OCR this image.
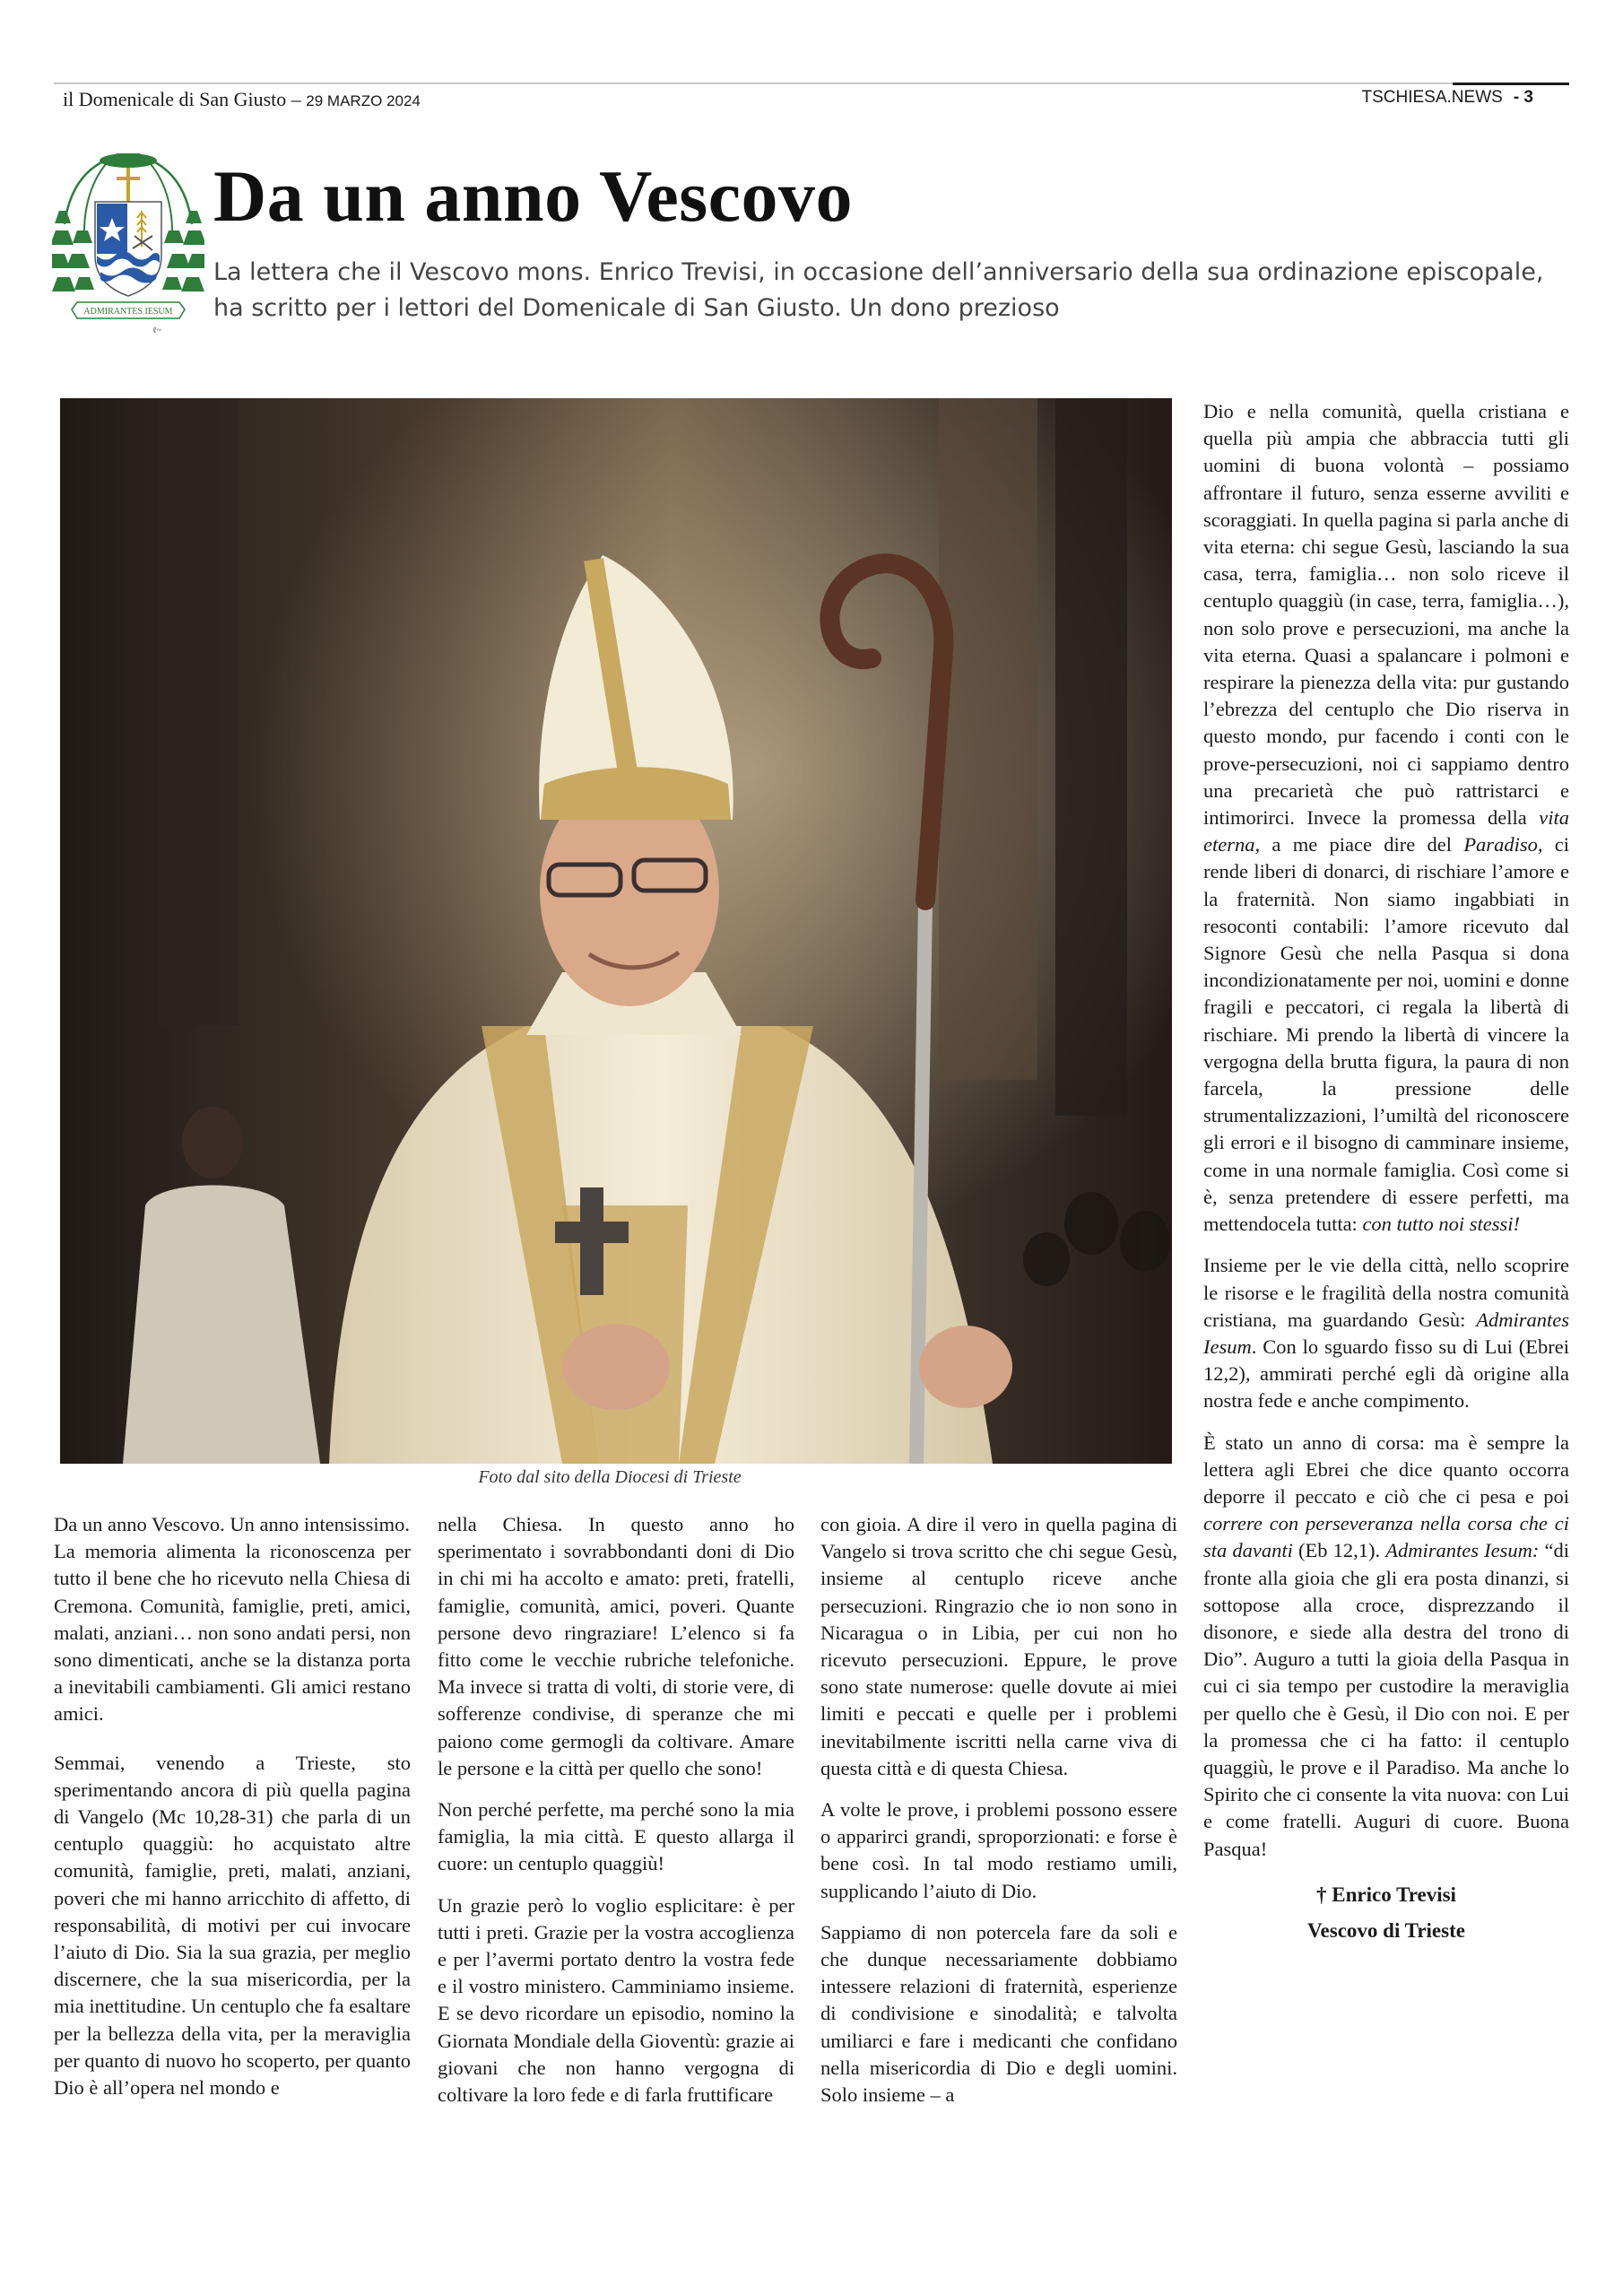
il Domenicale di San Giusto – 29 MARZO 2024	TSCHIESA.NEWS - 3
ADMIRANTES IESUM
ℓ~
Da un anno Vescovo

La lettera che il Vescovo mons. Enrico Trevisi, in occasione dell’anniversario della sua ordinazione episcopale, ha scritto per i lettori del Domenicale di San Giusto. Un dono prezioso

Foto dal sito della Diocesi di Trieste

Da un anno Vescovo. Un anno intensissimo.
La memoria alimenta la riconoscenza per tutto il bene che ho ricevuto nella Chiesa di Cremona. Comunità, famiglie, preti, amici, malati, anziani… non sono andati persi, non sono dimenticati, anche se la distanza porta a inevitabili cambiamenti. Gli amici restano amici.

Semmai, venendo a Trieste, sto sperimentando ancora di più quella pagina di Vangelo (Mc 10,28-31) che parla di un centuplo quaggiù: ho acquistato altre comunità, famiglie, preti, malati, anziani, poveri che mi hanno arricchito di affetto, di responsabilità, di motivi per cui invocare l’aiuto di Dio. Sia la sua grazia, per meglio discernere, che la sua misericordia, per la mia inettitudine. Un centuplo che fa esaltare per la bellezza della vita, per la meraviglia per quanto di nuovo ho scoperto, per quanto Dio è all’opera nel mondo e

nella Chiesa. In questo anno ho sperimentato i sovrabbondanti doni di Dio in chi mi ha accolto e amato: preti, fratelli, famiglie, comunità, amici, poveri. Quante persone devo ringraziare! L’elenco si fa fitto come le vecchie rubriche telefoniche. Ma invece si tratta di volti, di storie vere, di sofferenze condivise, di speranze che mi paiono come germogli da coltivare. Amare le persone e la città per quello che sono!

Non perché perfette, ma perché sono la mia famiglia, la mia città. E questo allarga il cuore: un centuplo quaggiù!

Un grazie però lo voglio esplicitare: è per tutti i preti. Grazie per la vostra accoglienza e per l’avermi portato dentro la vostra fede e il vostro ministero. Camminiamo insieme. E se devo ricordare un episodio, nomino la Giornata Mondiale della Gioventù: grazie ai giovani che non hanno vergogna di coltivare la loro fede e di farla fruttificare

con gioia. A dire il vero in quella pagina di Vangelo si trova scritto che chi segue Gesù, insieme al centuplo riceve anche persecuzioni. Ringrazio che io non sono in Nicaragua o in Libia, per cui non ho ricevuto persecuzioni. Eppure, le prove sono state numerose: quelle dovute ai miei limiti e peccati e quelle per i problemi inevitabilmente iscritti nella carne viva di questa città e di questa Chiesa.

A volte le prove, i problemi possono essere o apparirci grandi, sproporzionati: e forse è bene così. In tal modo restiamo umili, supplicando l’aiuto di Dio.

Sappiamo di non potercela fare da soli e che dunque necessariamente dobbiamo intessere relazioni di fraternità, esperienze di condivisione e sinodalità; e talvolta umiliarci e fare i medicanti che confidano nella misericordia di Dio e degli uomini. Solo insieme – a

Dio e nella comunità, quella cristiana e quella più ampia che abbraccia tutti gli uomini di buona volontà – possiamo affrontare il futuro, senza esserne avviliti e scoraggiati. In quella pagina si parla anche di vita eterna: chi segue Gesù, lasciando la sua casa, terra, famiglia… non solo riceve il centuplo quaggiù (in case, terra, famiglia…), non solo prove e persecuzioni, ma anche la vita eterna. Quasi a spalancare i polmoni e respirare la pienezza della vita: pur gustando l’ebrezza del centuplo che Dio riserva in questo mondo, pur facendo i conti con le prove-persecuzioni, noi ci sappiamo dentro una precarietà che può rattristarci e intimorirci. Invece la promessa della vita eterna, a me piace dire del Paradiso, ci rende liberi di donarci, di rischiare l’amore e la fraternità. Non siamo ingabbiati in resoconti contabili: l’amore ricevuto dal Signore Gesù che nella Pasqua si dona incondizionatamente per noi, uomini e donne fragili e peccatori, ci regala la libertà di rischiare. Mi prendo la libertà di vincere la vergogna della brutta figura, la paura di non farcela, la pressione delle strumentalizzazioni, l’umiltà del riconoscere gli errori e il bisogno di camminare insieme, come in una normale famiglia. Così come si è, senza pretendere di essere perfetti, ma mettendocela tutta: con tutto noi stessi!

Insieme per le vie della città, nello scoprire le risorse e le fragilità della nostra comunità cristiana, ma guardando Gesù: Admirantes Iesum. Con lo sguardo fisso su di Lui (Ebrei 12,2), ammirati perché egli dà origine alla nostra fede e anche compimento.

È stato un anno di corsa: ma è sempre la lettera agli Ebrei che dice quanto occorra deporre il peccato e ciò che ci pesa e poi correre con perseveranza nella corsa che ci sta davanti (Eb 12,1). Admirantes Iesum: “di fronte alla gioia che gli era posta dinanzi, si sottopose alla croce, disprezzando il disonore, e siede alla destra del trono di Dio”. Auguro a tutti la gioia della Pasqua in cui ci sia tempo per custodire la meraviglia per quello che è Gesù, il Dio con noi. E per la promessa che ci ha fatto: il centuplo quaggiù, le prove e il Paradiso. Ma anche lo Spirito che ci consente la vita nuova: con Lui e come fratelli. Auguri di cuore. Buona Pasqua!

† Enrico Trevisi
Vescovo di Trieste
